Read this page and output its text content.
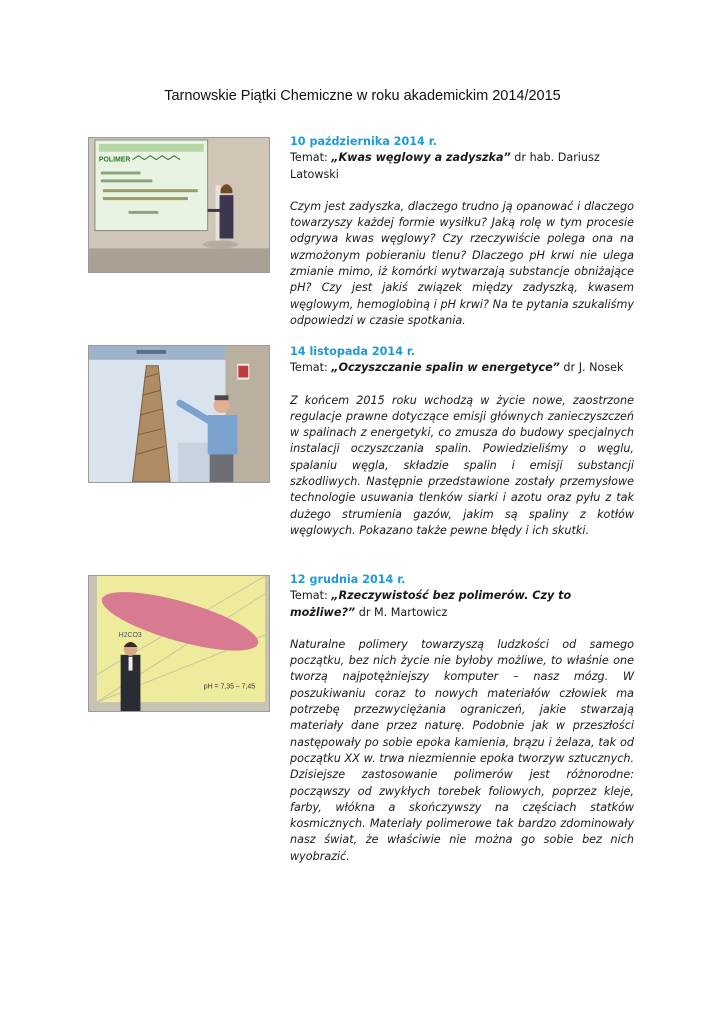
Tarnowskie Piątki Chemiczne w roku akademickim 2014/2015
POLIMER
10 października 2014 r.
Temat: „Kwas węglowy a zadyszka” dr hab. Dariusz Latowski
Czym jest zadyszka, dlaczego trudno ją opanować i dlaczego towarzyszy każdej formie wysiłku? Jaką rolę w tym procesie odgrywa kwas węglowy? Czy rzeczywiście polega ona na wzmożonym pobieraniu tlenu? Dlaczego pH krwi nie ulega zmianie mimo, iż komórki wytwarzają substancje obniżające pH? Czy jest jakiś związek między zadyszką, kwasem węglowym, hemoglobiną i pH krwi? Na te pytania szukaliśmy odpowiedzi w czasie spotkania.
14 listopada 2014 r.
Temat: „Oczyszczanie spalin w energetyce” dr J. Nosek
Z końcem 2015 roku wchodzą w życie nowe, zaostrzone regulacje prawne dotyczące emisji głównych zanieczyszczeń w spalinach z energetyki, co zmusza do budowy specjalnych instalacji oczyszczania spalin. Powiedzieliśmy o węglu, spalaniu węgla, składzie spalin i emisji substancji szkodliwych. Następnie przedstawione zostały przemysłowe technologie usuwania tlenków siarki i azotu oraz pyłu z tak dużego strumienia gazów, jakim są spaliny z kotłów węglowych. Pokazano także pewne błędy i ich skutki.
H2CO3
pH = 7,35 – 7,45
12 grudnia 2014 r.
Temat: „Rzeczywistość bez polimerów. Czy to możliwe?” dr M. Martowicz
Naturalne polimery towarzyszą ludzkości od samego początku, bez nich życie nie byłoby możliwe, to właśnie one tworzą najpotężniejszy komputer – nasz mózg. W poszukiwaniu coraz to nowych materiałów człowiek ma potrzebę przezwyciężania ograniczeń, jakie stwarzają materiały dane przez naturę. Podobnie jak w przeszłości następowały po sobie epoka kamienia, brązu i żelaza, tak od początku XX w. trwa niezmiennie epoka tworzyw sztucznych. Dzisiejsze zastosowanie polimerów jest różnorodne: począwszy od zwykłych torebek foliowych, poprzez kleje, farby, włókna a skończywszy na częściach statków kosmicznych. Materiały polimerowe tak bardzo zdominowały nasz świat, że właściwie nie można go sobie bez nich wyobrazić.
